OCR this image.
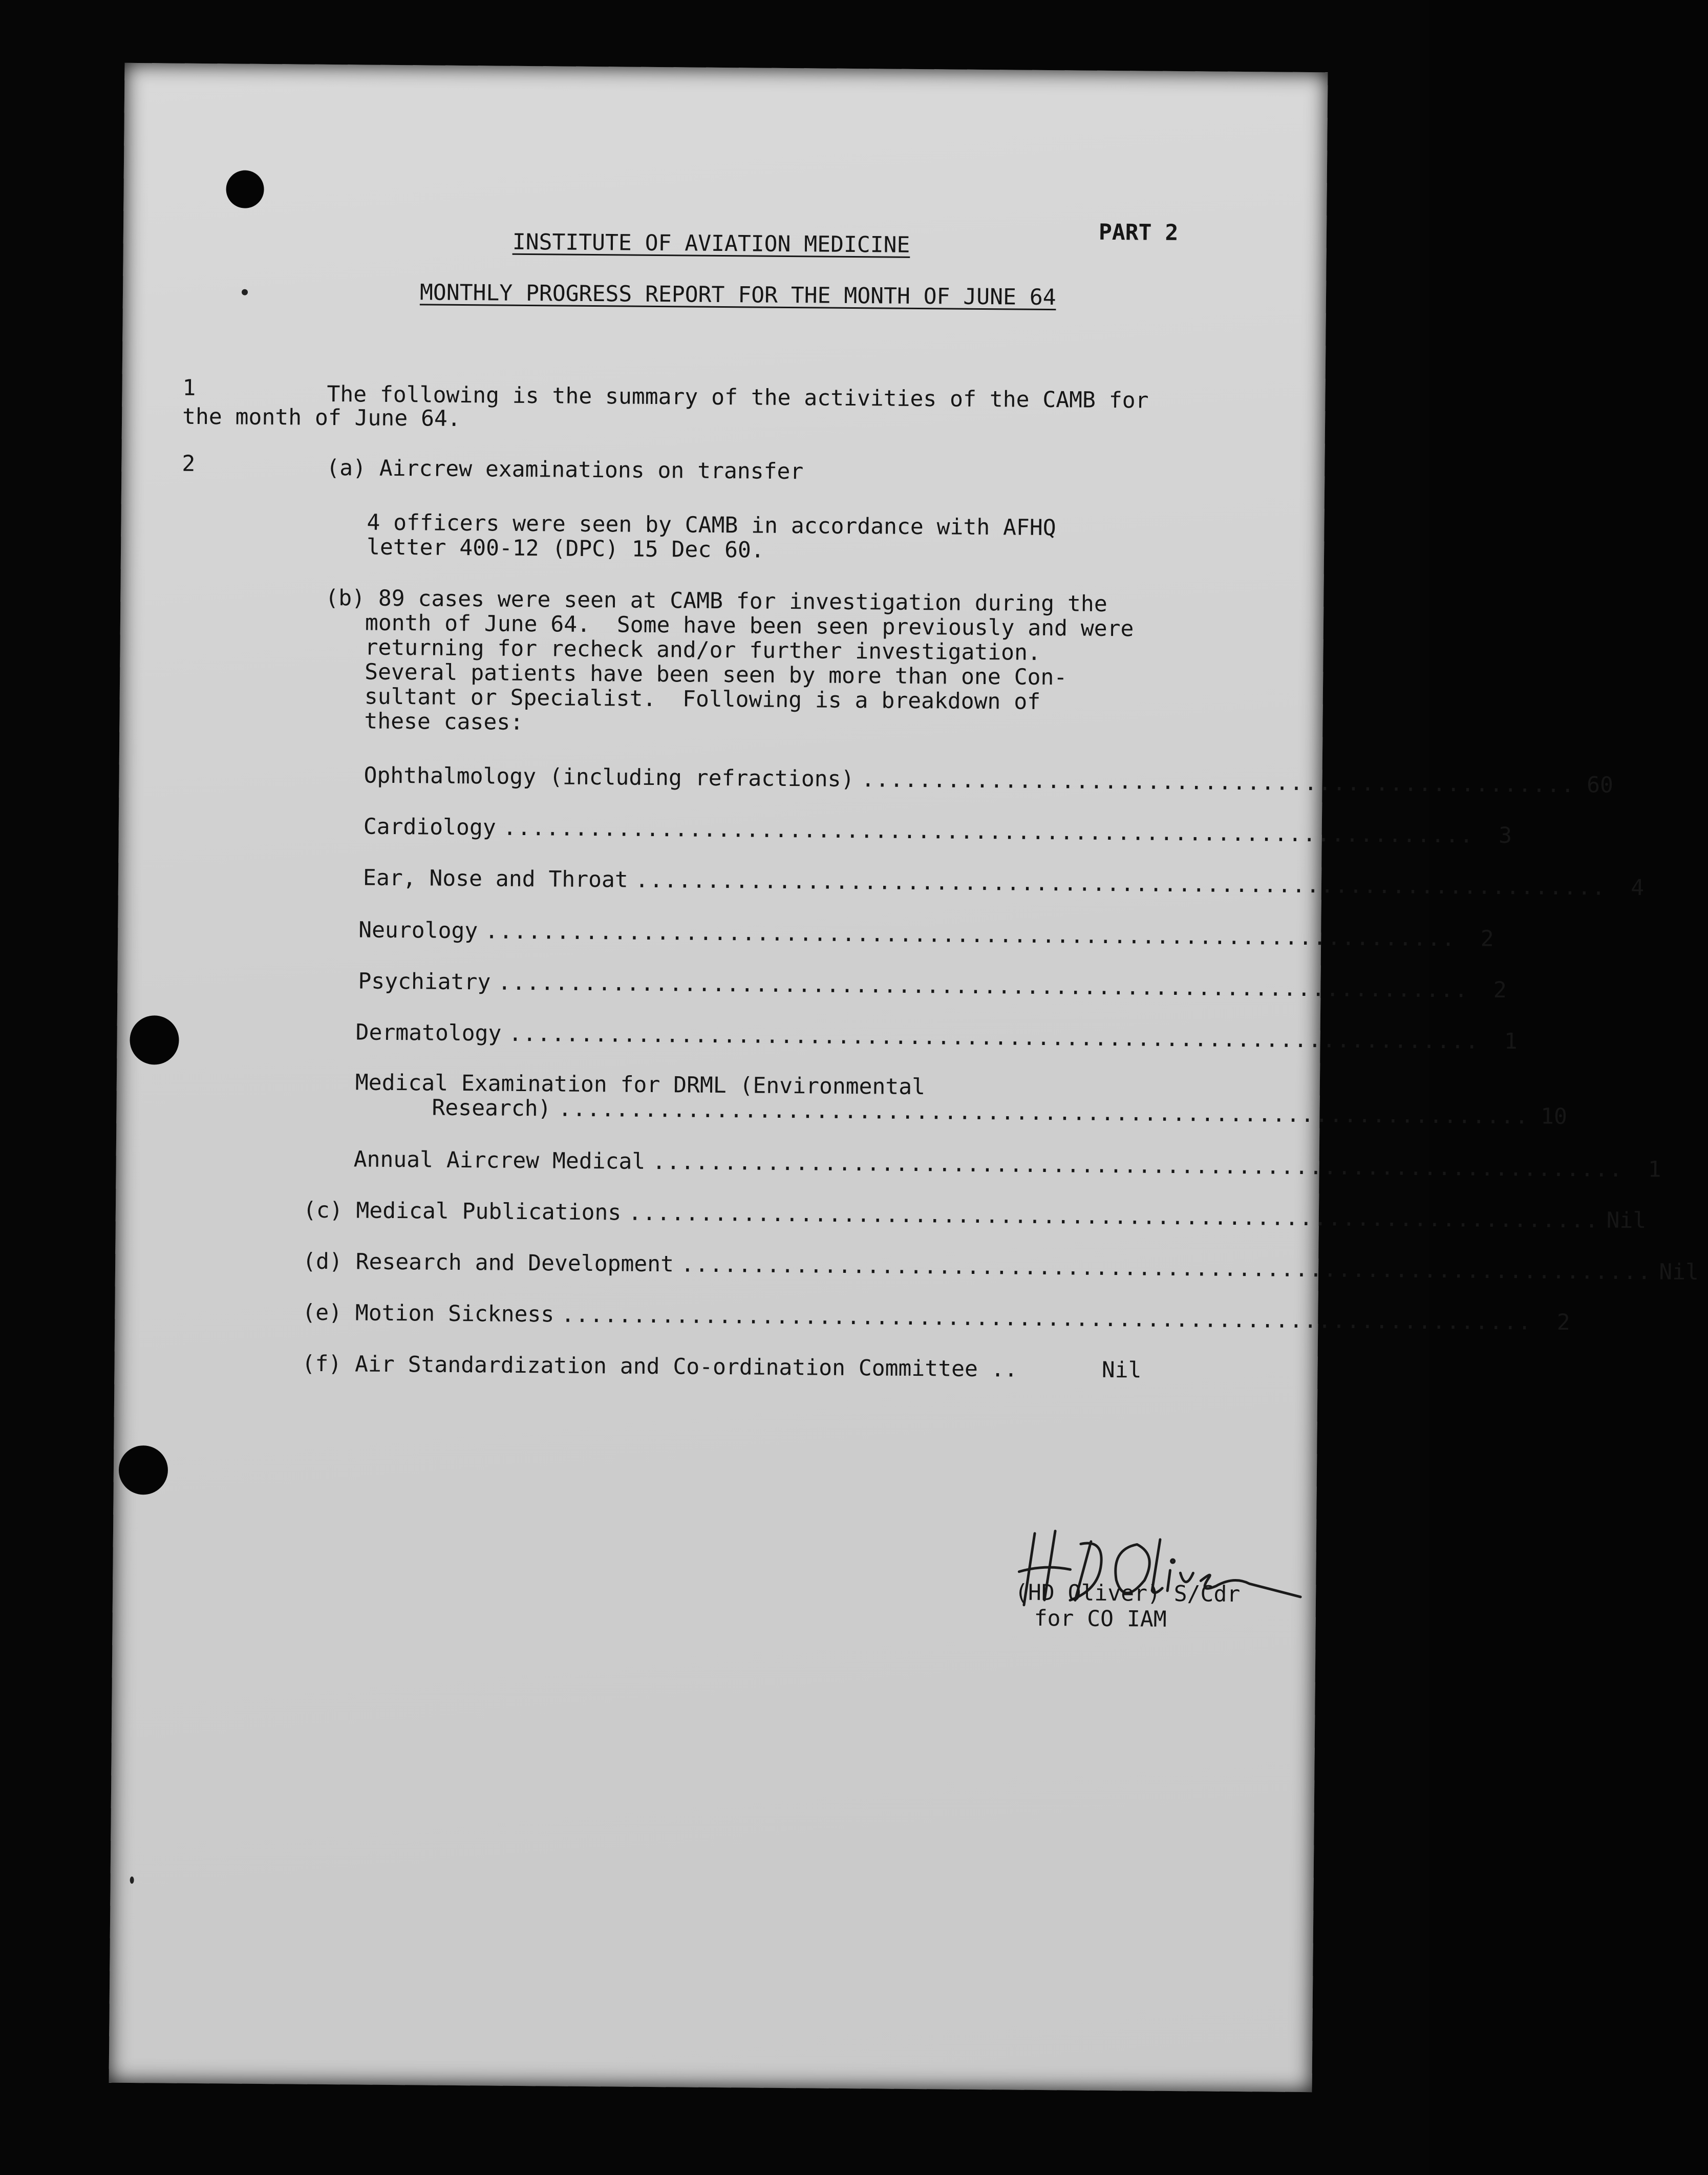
PART 2
INSTITUTE OF AVIATION MEDICINE
MONTHLY PROGRESS REPORT FOR THE MONTH OF JUNE 64
1	The following is the summary of the activities of the CAMB for
the month of June 64.
2	(a) Aircrew examinations on transfer
4 officers were seen by CAMB in accordance with AFHQ
letter 400-12 (DPC) 15 Dec 60.
(b) 89 cases were seen at CAMB for investigation during the
month of June 64.  Some have been seen previously and were
returning for recheck and/or further investigation.
Several patients have been seen by more than one Con-
sultant or Specialist.  Following is a breakdown of
these cases:
Ophthalmology (including refractions) .................................................. 60
Cardiology ....................................................................	3
Ear, Nose and Throat ....................................................................	4
Neurology ....................................................................	2
Psychiatry ....................................................................	2
Dermatology ....................................................................	1
Medical Examination for DRML (Environmental
Research) .................................................................... 10
Annual Aircrew Medical ....................................................................	1
(c) Medical Publications .................................................................... Nil
(d) Research and Development .................................................................... Nil
(e) Motion Sickness ....................................................................	2
(f) Air Standardization and Co-ordination Committee ..	Nil
(HD Oliver) S/Cdr
for CO IAM
